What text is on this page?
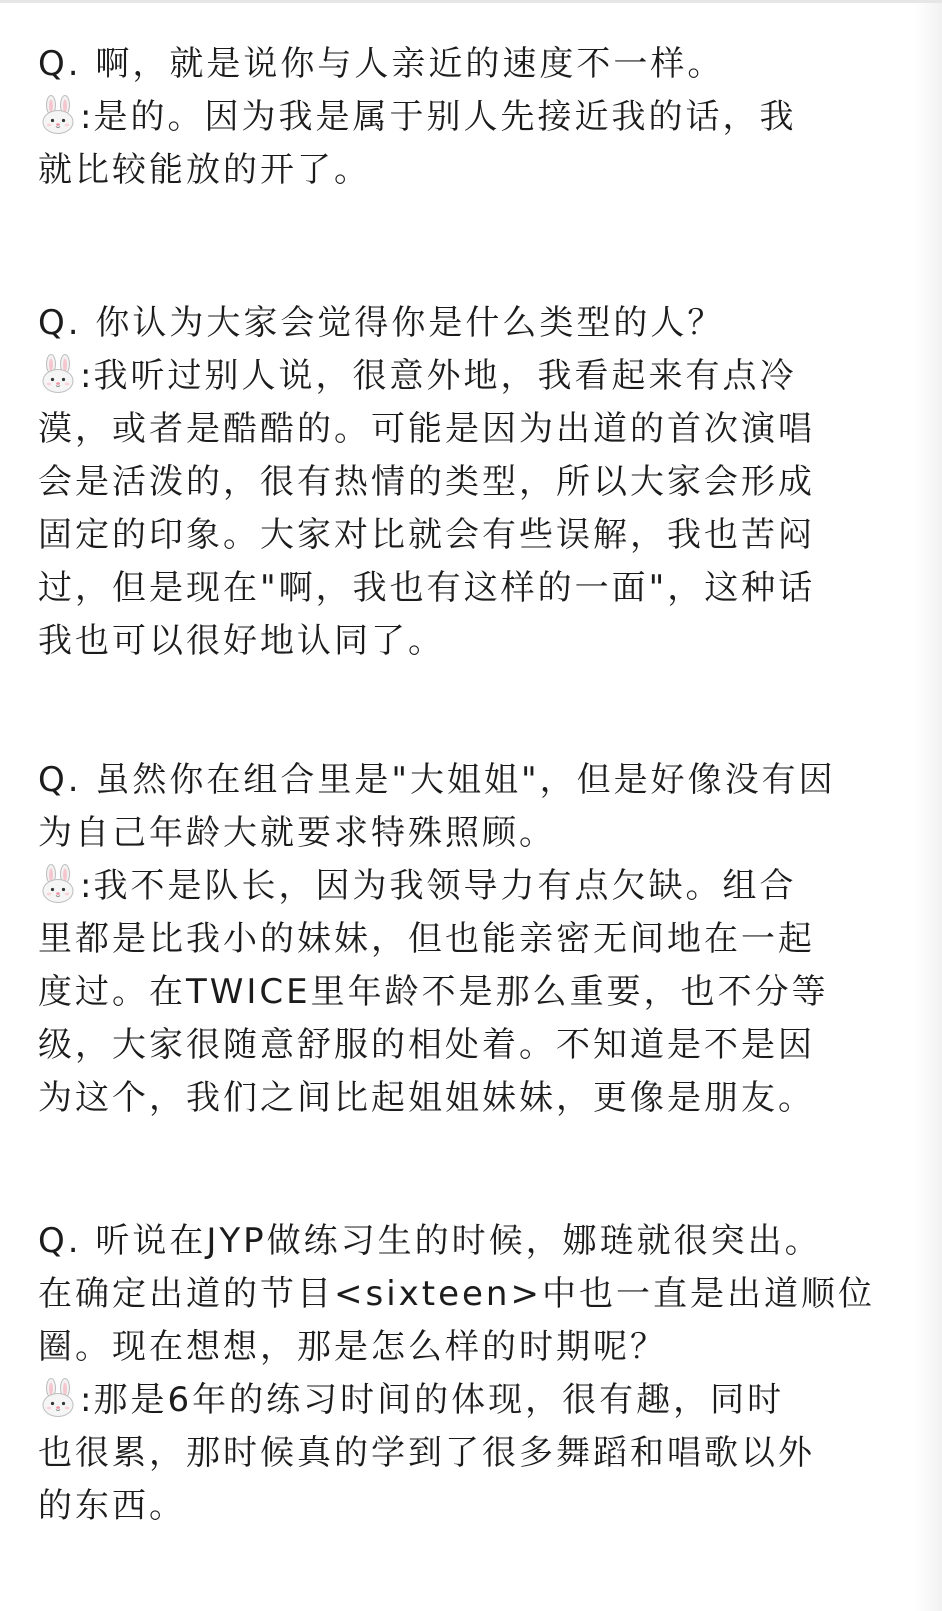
Q. 啊，就是说你与人亲近的速度不一样。
:是的。因为我是属于别人先接近我的话，我
就比较能放的开了。
Q. 你认为大家会觉得你是什么类型的人？
:我听过别人说，很意外地，我看起来有点冷
漠，或者是酷酷的。可能是因为出道的首次演唱
会是活泼的，很有热情的类型，所以大家会形成
固定的印象。大家对比就会有些误解，我也苦闷
过，但是现在"啊，我也有这样的一面"，这种话
我也可以很好地认同了。
Q. 虽然你在组合里是"大姐姐"，但是好像没有因
为自己年龄大就要求特殊照顾。
:我不是队长，因为我领导力有点欠缺。组合
里都是比我小的妹妹，但也能亲密无间地在一起
度过。在TWICE里年龄不是那么重要，也不分等
级，大家很随意舒服的相处着。不知道是不是因
为这个，我们之间比起姐姐妹妹，更像是朋友。
Q. 听说在JYP做练习生的时候，娜琏就很突出。
在确定出道的节目<sixteen>中也一直是出道顺位
圈。现在想想，那是怎么样的时期呢？
:那是6年的练习时间的体现，很有趣，同时
也很累，那时候真的学到了很多舞蹈和唱歌以外
的东西。
